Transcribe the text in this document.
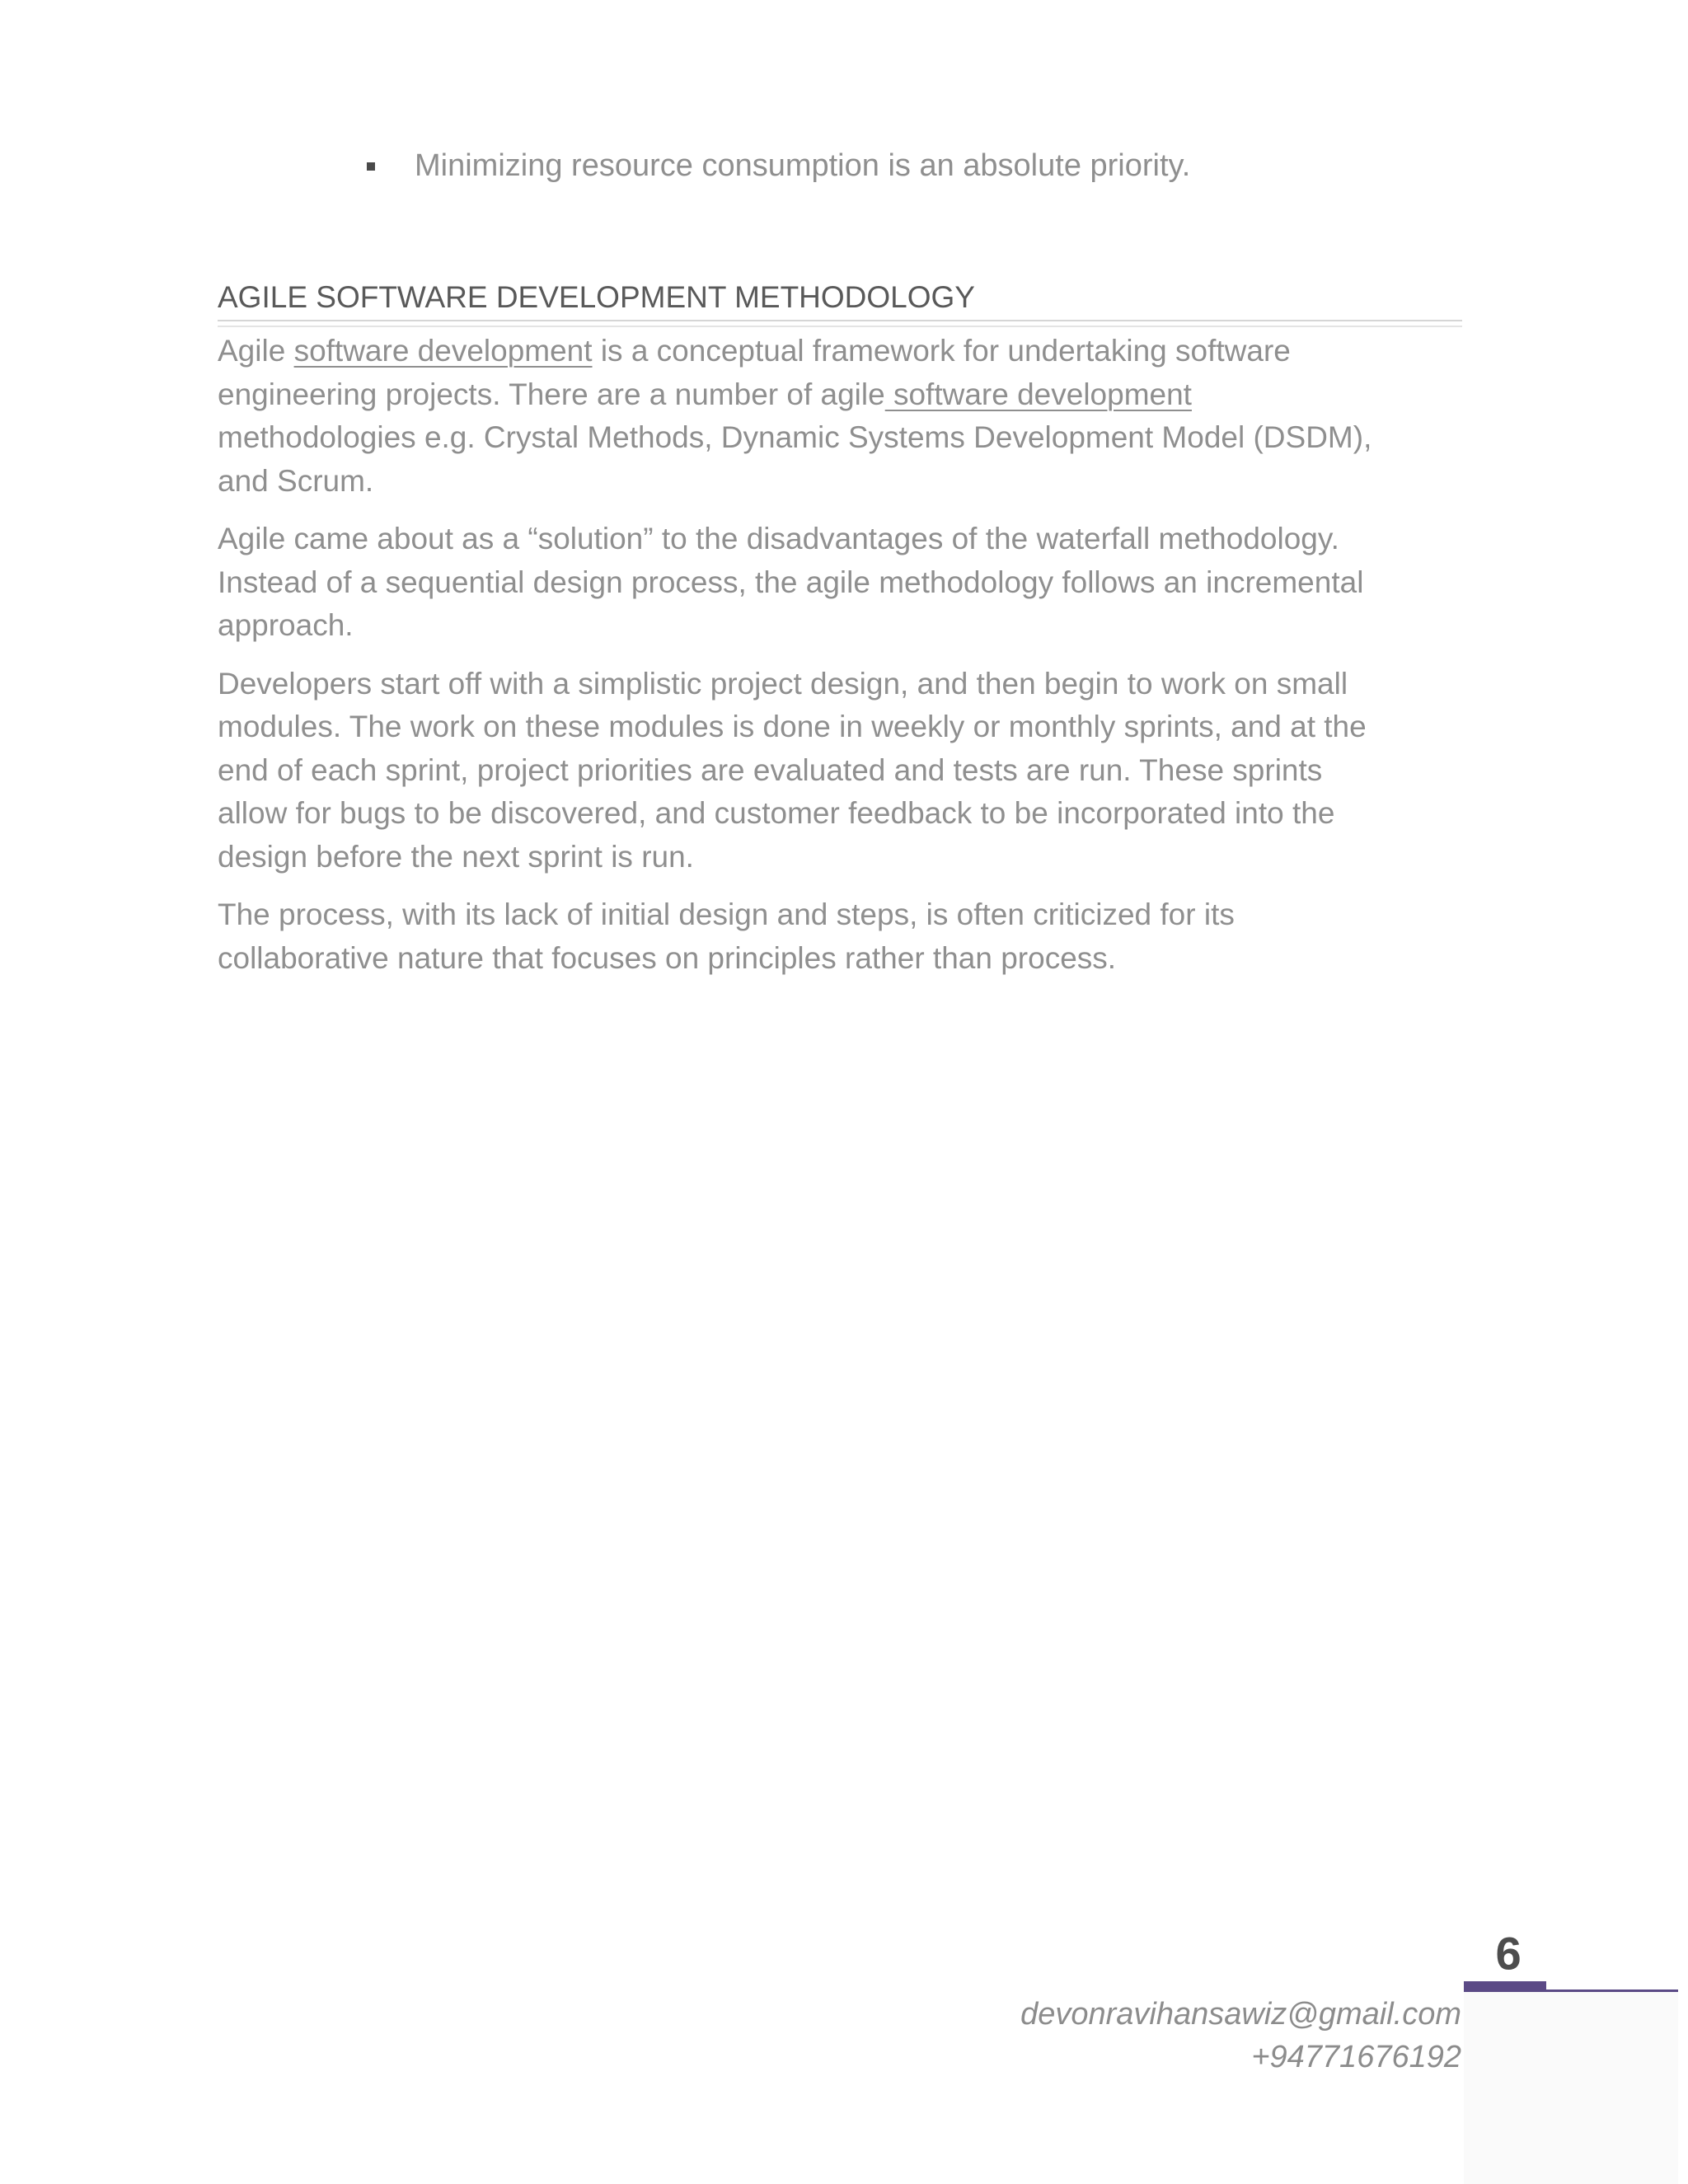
Minimizing resource consumption is an absolute priority.
AGILE SOFTWARE DEVELOPMENT METHODOLOGY

Agile software development is a conceptual framework for undertaking software engineering projects. There are a number of agile software development methodologies e.g. Crystal Methods, Dynamic Systems Development Model (DSDM), and Scrum.

Agile came about as a “solution” to the disadvantages of the waterfall methodology. Instead of a sequential design process, the agile methodology follows an incremental approach.

Developers start off with a simplistic project design, and then begin to work on small modules. The work on these modules is done in weekly or monthly sprints, and at the end of each sprint, project priorities are evaluated and tests are run. These sprints allow for bugs to be discovered, and customer feedback to be incorporated into the design before the next sprint is run.

The process, with its lack of initial design and steps, is often criticized for its collaborative nature that focuses on principles rather than process.

9
devonravihansawiz@gmail.com
+94771676192
